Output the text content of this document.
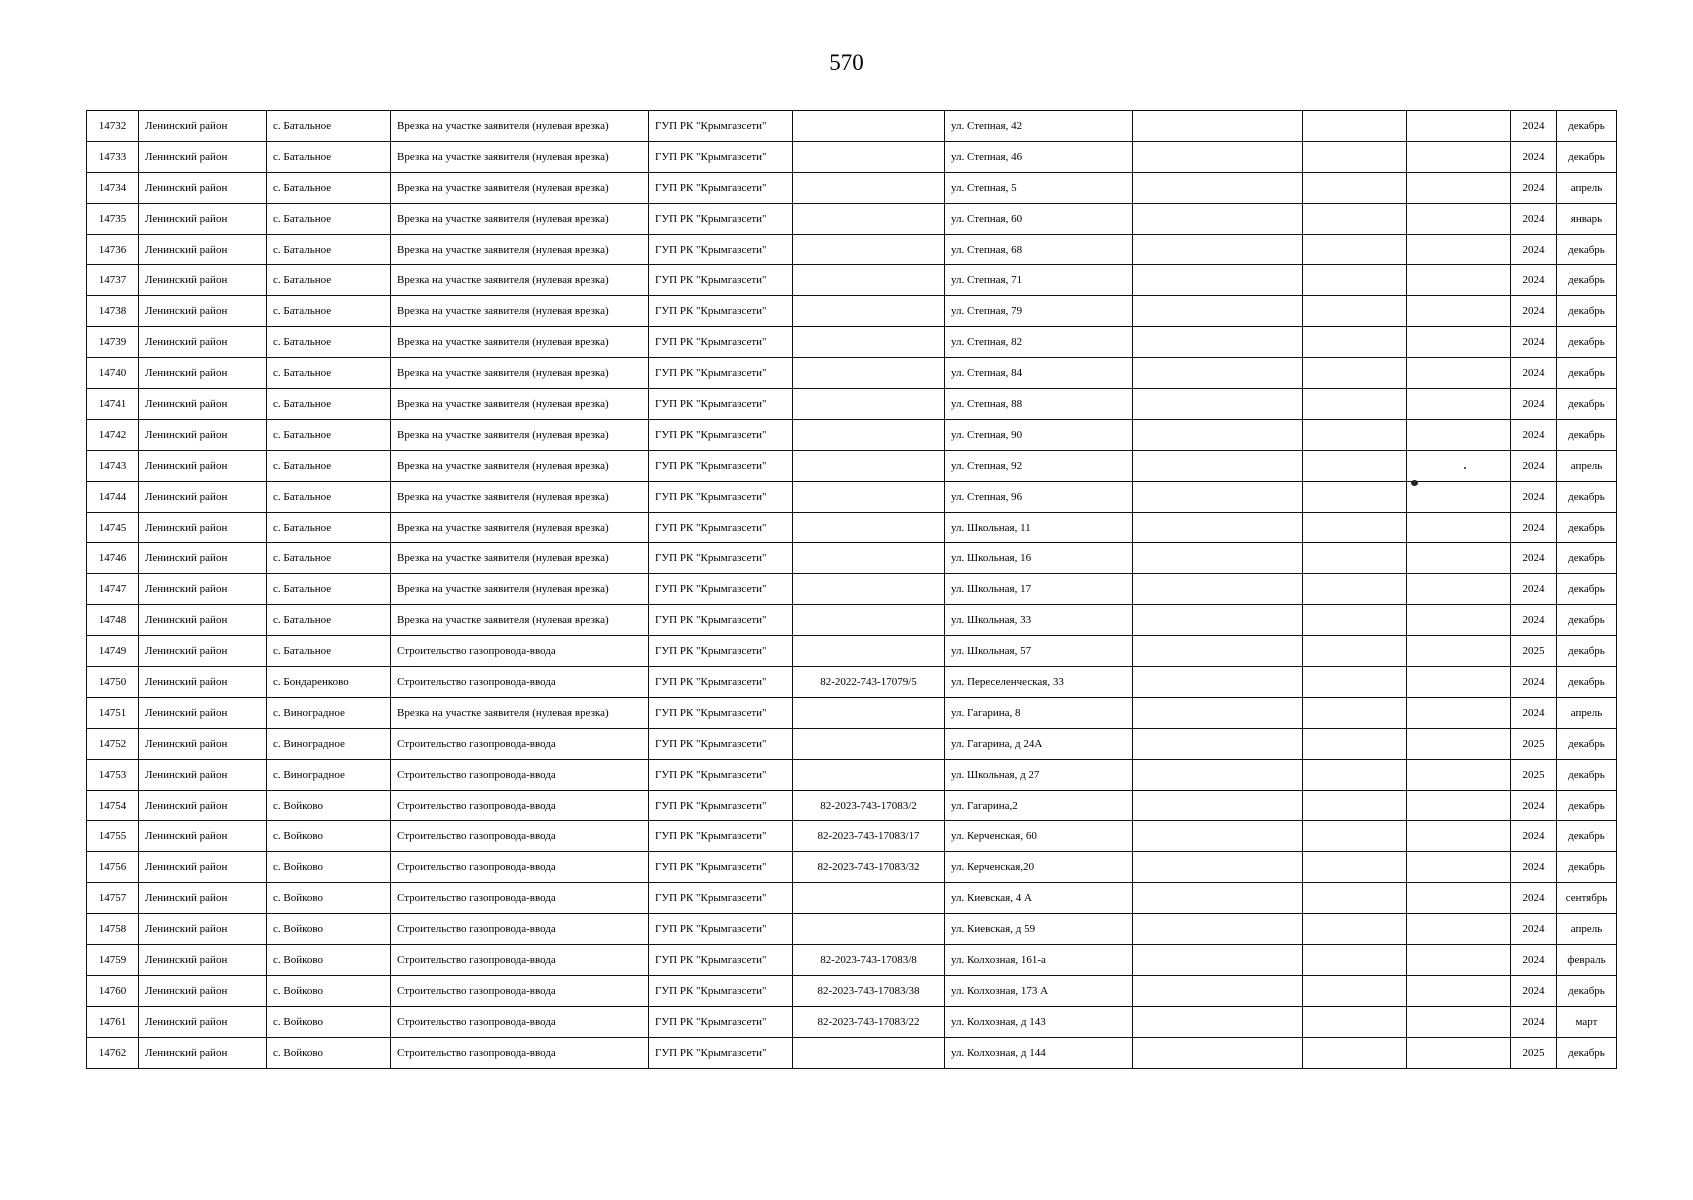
570
14732	Ленинский район	с. Батальное	Врезка на участке заявителя (нулевая врезка)	ГУП РК "Крымгазсети"		ул. Степная, 42				2024	декабрь
14733	Ленинский район	с. Батальное	Врезка на участке заявителя (нулевая врезка)	ГУП РК "Крымгазсети"		ул. Степная, 46				2024	декабрь
14734	Ленинский район	с. Батальное	Врезка на участке заявителя (нулевая врезка)	ГУП РК "Крымгазсети"		ул. Степная, 5				2024	апрель
14735	Ленинский район	с. Батальное	Врезка на участке заявителя (нулевая врезка)	ГУП РК "Крымгазсети"		ул. Степная, 60				2024	январь
14736	Ленинский район	с. Батальное	Врезка на участке заявителя (нулевая врезка)	ГУП РК "Крымгазсети"		ул. Степная, 68				2024	декабрь
14737	Ленинский район	с. Батальное	Врезка на участке заявителя (нулевая врезка)	ГУП РК "Крымгазсети"		ул. Степная, 71				2024	декабрь
14738	Ленинский район	с. Батальное	Врезка на участке заявителя (нулевая врезка)	ГУП РК "Крымгазсети"		ул. Степная, 79				2024	декабрь
14739	Ленинский район	с. Батальное	Врезка на участке заявителя (нулевая врезка)	ГУП РК "Крымгазсети"		ул. Степная, 82				2024	декабрь
14740	Ленинский район	с. Батальное	Врезка на участке заявителя (нулевая врезка)	ГУП РК "Крымгазсети"		ул. Степная, 84				2024	декабрь
14741	Ленинский район	с. Батальное	Врезка на участке заявителя (нулевая врезка)	ГУП РК "Крымгазсети"		ул. Степная, 88				2024	декабрь
14742	Ленинский район	с. Батальное	Врезка на участке заявителя (нулевая врезка)	ГУП РК "Крымгазсети"		ул. Степная, 90				2024	декабрь
14743	Ленинский район	с. Батальное	Врезка на участке заявителя (нулевая врезка)	ГУП РК "Крымгазсети"		ул. Степная, 92				2024	апрель
14744	Ленинский район	с. Батальное	Врезка на участке заявителя (нулевая врезка)	ГУП РК "Крымгазсети"		ул. Степная, 96				2024	декабрь
14745	Ленинский район	с. Батальное	Врезка на участке заявителя (нулевая врезка)	ГУП РК "Крымгазсети"		ул. Школьная, 11				2024	декабрь
14746	Ленинский район	с. Батальное	Врезка на участке заявителя (нулевая врезка)	ГУП РК "Крымгазсети"		ул. Школьная, 16				2024	декабрь
14747	Ленинский район	с. Батальное	Врезка на участке заявителя (нулевая врезка)	ГУП РК "Крымгазсети"		ул. Школьная, 17				2024	декабрь
14748	Ленинский район	с. Батальное	Врезка на участке заявителя (нулевая врезка)	ГУП РК "Крымгазсети"		ул. Школьная, 33				2024	декабрь
14749	Ленинский район	с. Батальное	Строительство газопровода-ввода	ГУП РК "Крымгазсети"		ул. Школьная, 57				2025	декабрь
14750	Ленинский район	с. Бондаренково	Строительство газопровода-ввода	ГУП РК "Крымгазсети"	82-2022-743-17079/5	ул. Переселенческая, 33				2024	декабрь
14751	Ленинский район	с. Виноградное	Врезка на участке заявителя (нулевая врезка)	ГУП РК "Крымгазсети"		ул. Гагарина, 8				2024	апрель
14752	Ленинский район	с. Виноградное	Строительство газопровода-ввода	ГУП РК "Крымгазсети"		ул. Гагарина, д 24А				2025	декабрь
14753	Ленинский район	с. Виноградное	Строительство газопровода-ввода	ГУП РК "Крымгазсети"		ул. Школьная, д 27				2025	декабрь
14754	Ленинский район	с. Войково	Строительство газопровода-ввода	ГУП РК "Крымгазсети"	82-2023-743-17083/2	ул. Гагарина,2				2024	декабрь
14755	Ленинский район	с. Войково	Строительство газопровода-ввода	ГУП РК "Крымгазсети"	82-2023-743-17083/17	ул. Керченская, 60				2024	декабрь
14756	Ленинский район	с. Войково	Строительство газопровода-ввода	ГУП РК "Крымгазсети"	82-2023-743-17083/32	ул. Керченская,20				2024	декабрь
14757	Ленинский район	с. Войково	Строительство газопровода-ввода	ГУП РК "Крымгазсети"		ул. Киевская, 4 А				2024	сентябрь
14758	Ленинский район	с. Войково	Строительство газопровода-ввода	ГУП РК "Крымгазсети"		ул. Киевская, д 59				2024	апрель
14759	Ленинский район	с. Войково	Строительство газопровода-ввода	ГУП РК "Крымгазсети"	82-2023-743-17083/8	ул. Колхозная, 161-а				2024	февраль
14760	Ленинский район	с. Войково	Строительство газопровода-ввода	ГУП РК "Крымгазсети"	82-2023-743-17083/38	ул. Колхозная, 173 А				2024	декабрь
14761	Ленинский район	с. Войково	Строительство газопровода-ввода	ГУП РК "Крымгазсети"	82-2023-743-17083/22	ул. Колхозная, д 143				2024	март
14762	Ленинский район	с. Войково	Строительство газопровода-ввода	ГУП РК "Крымгазсети"		ул. Колхозная, д 144				2025	декабрь
